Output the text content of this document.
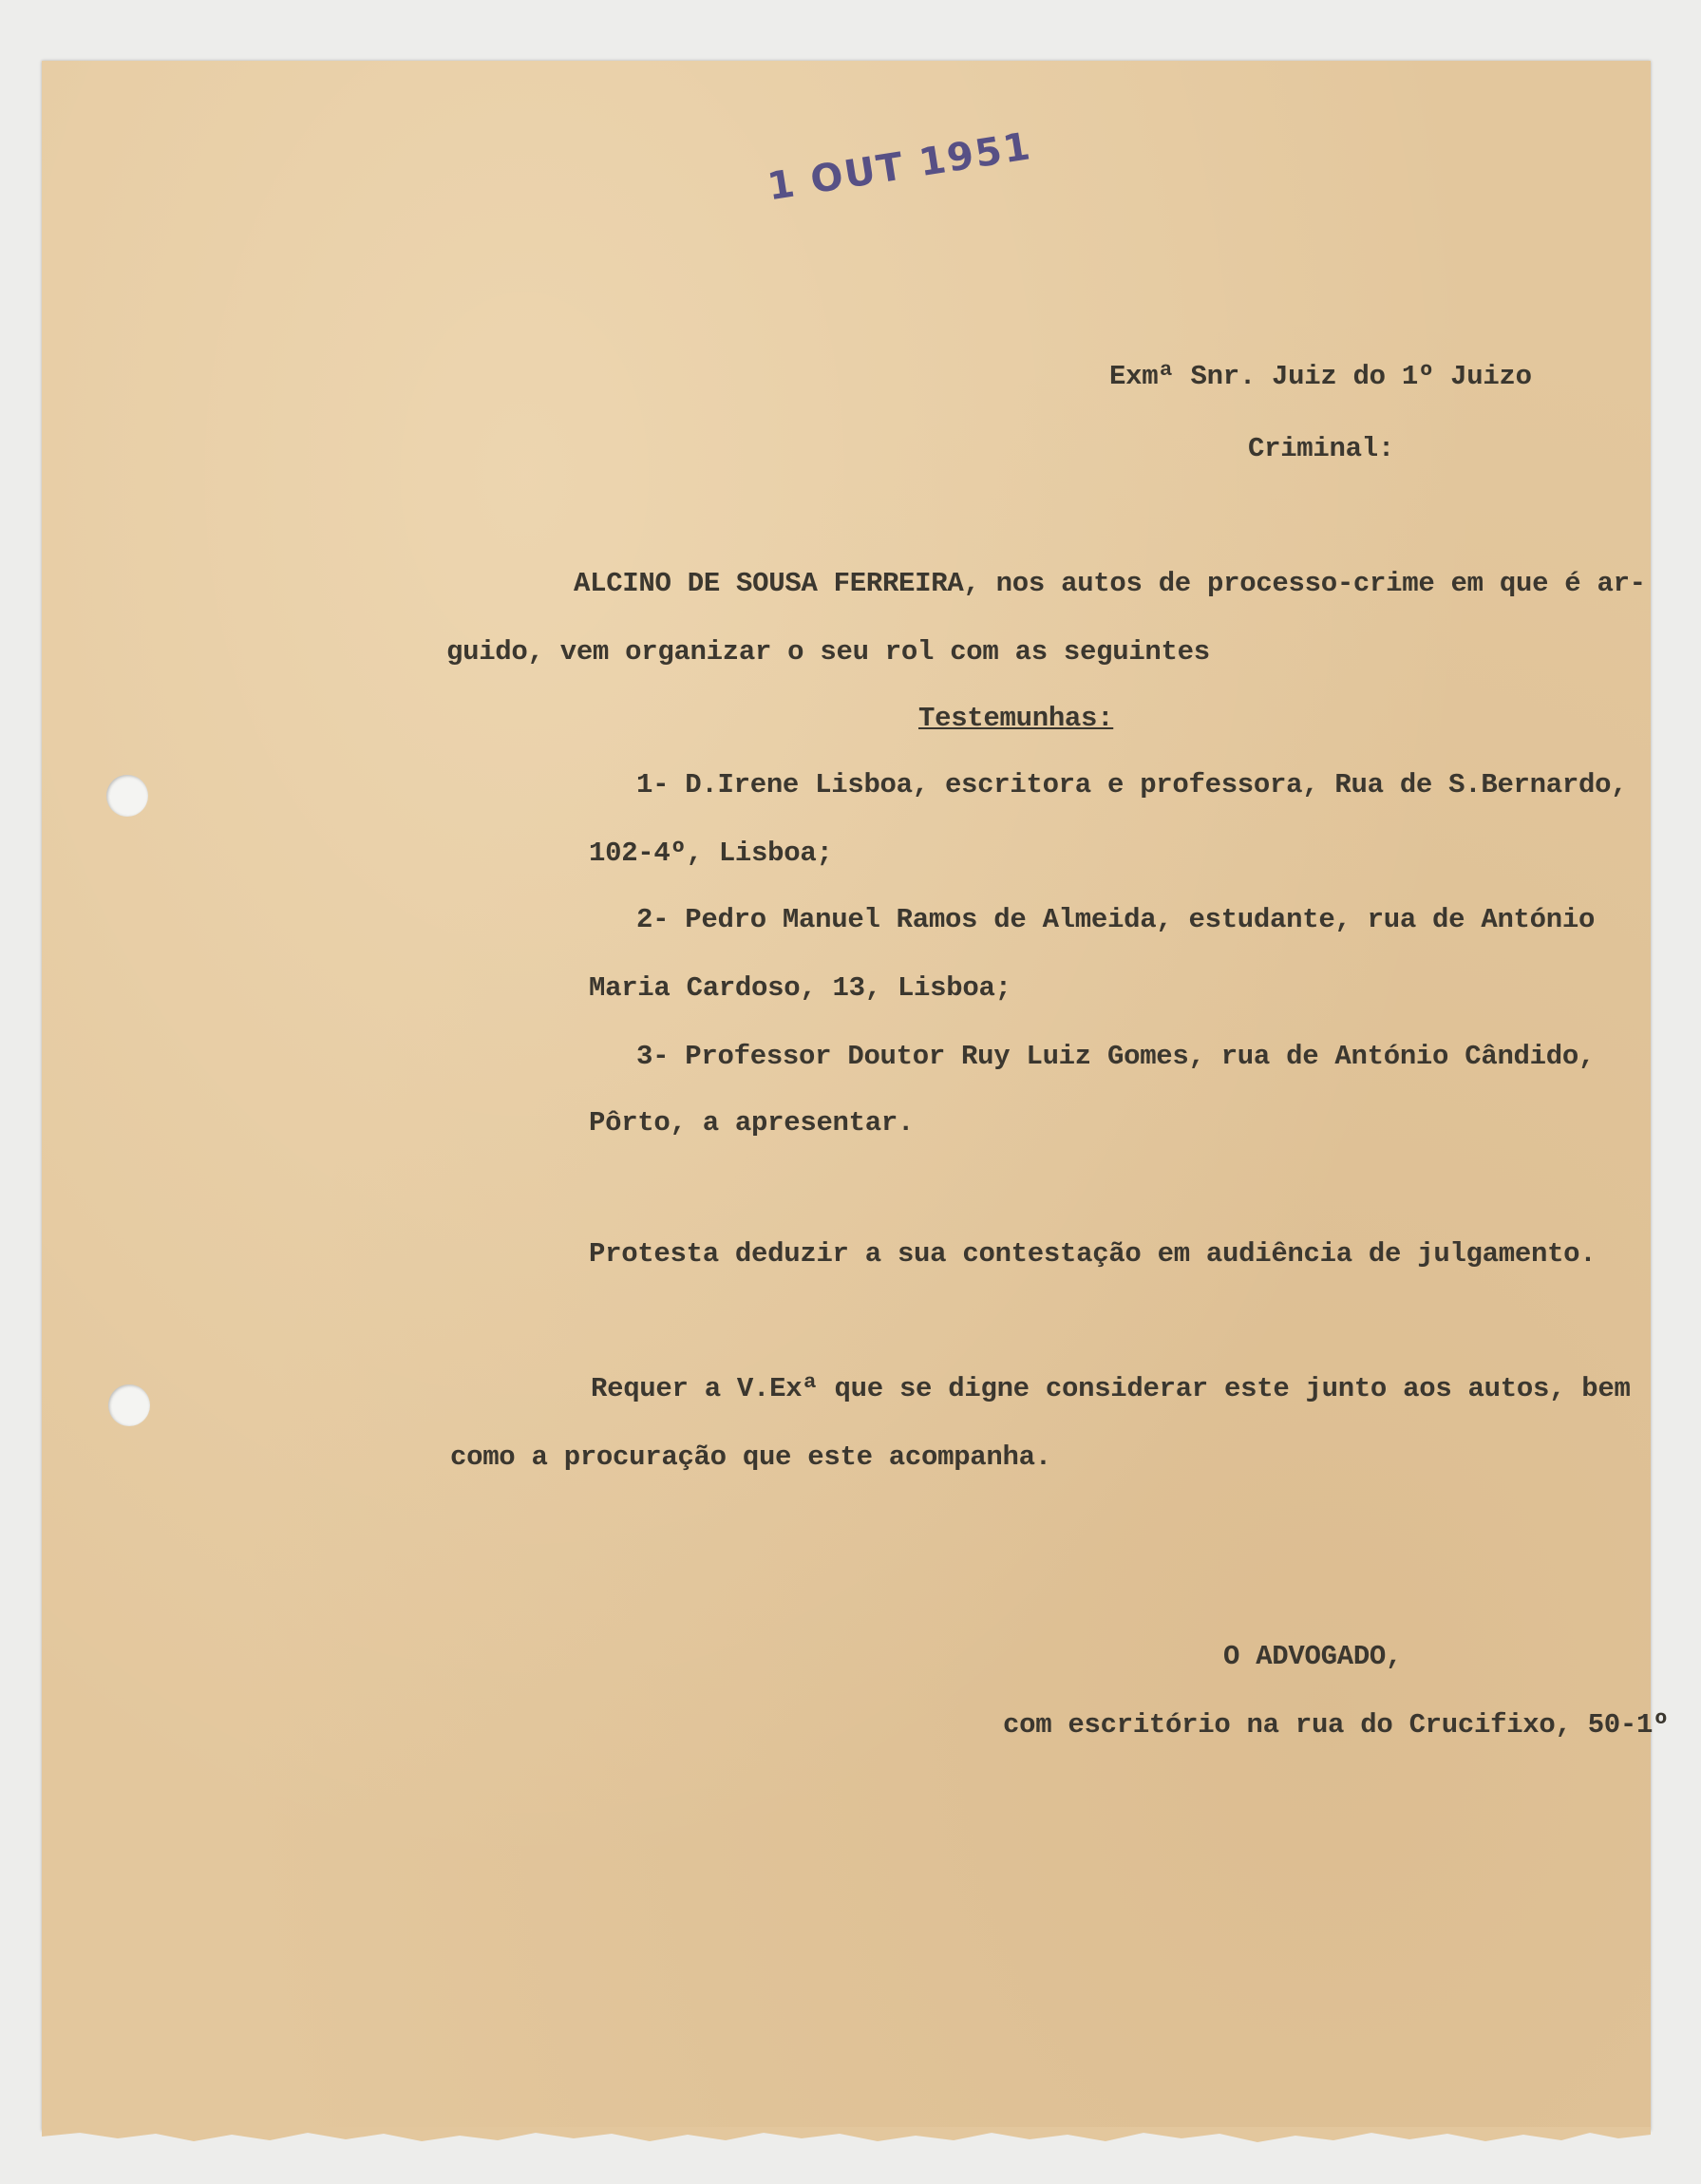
1 OUT 1951
Exmª Snr. Juiz do 1º Juizo
Criminal:
ALCINO DE SOUSA FERREIRA, nos autos de processo-crime em que é ar-
guido, vem organizar o seu rol com as seguintes
Testemunhas:
1- D.Irene Lisboa, escritora e professora, Rua de S.Bernardo,
102-4º, Lisboa;
2- Pedro Manuel Ramos de Almeida, estudante, rua de António
Maria Cardoso, 13, Lisboa;
3- Professor Doutor Ruy Luiz Gomes, rua de António Cândido,
Pôrto, a apresentar.
Protesta deduzir a sua contestação em audiência de julgamento.
Requer a V.Exª que se digne considerar este junto aos autos, bem
como a procuração que este acompanha.
O ADVOGADO,
com escritório na rua do Crucifixo, 50-1º
